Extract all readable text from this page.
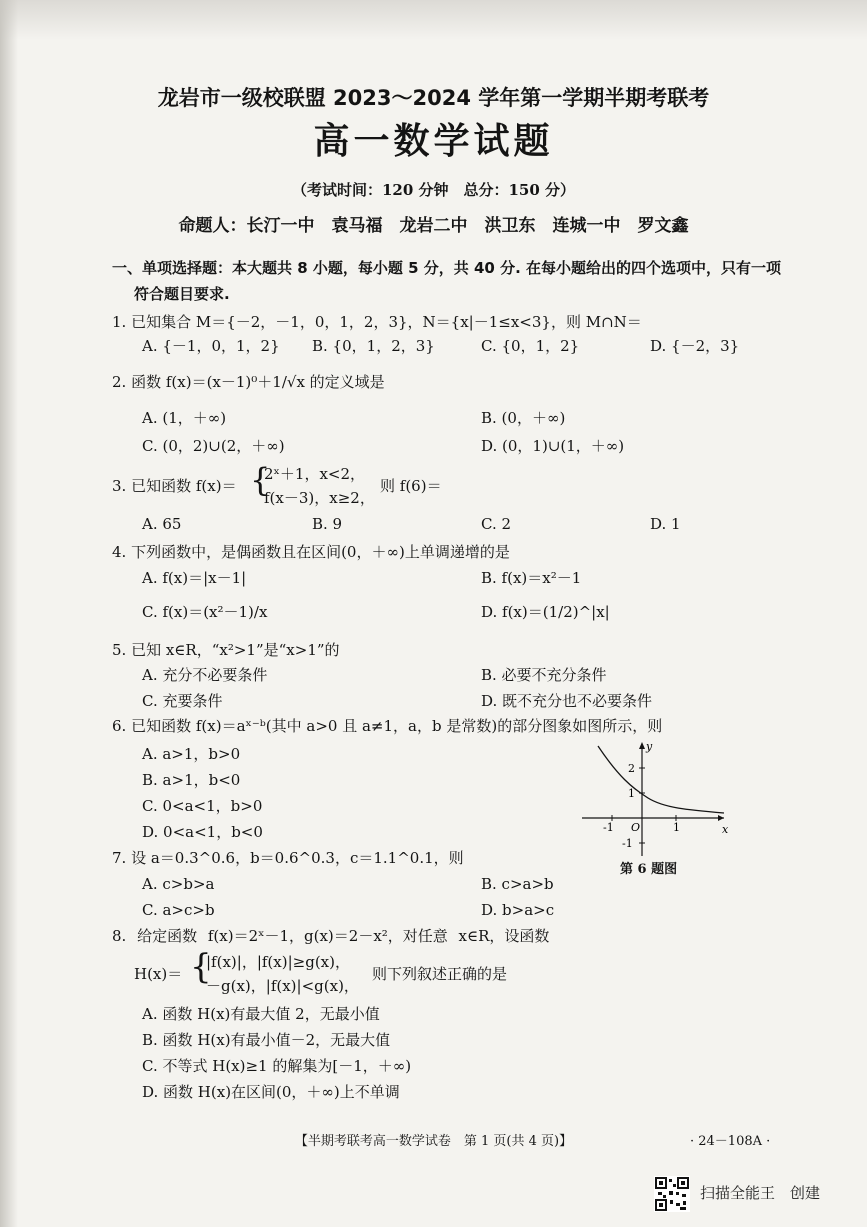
龙岩市一级校联盟 2023～2024 学年第一学期半期考联考
高一数学试题
（考试时间：120 分钟　总分：150 分）
命题人：长汀一中　袁马福　龙岩二中　洪卫东　连城一中　罗文鑫
一、单项选择题：本大题共 8 小题，每小题 5 分，共 40 分. 在每小题给出的四个选项中，只有一项
符合题目要求.
1. 已知集合 M＝{－2，－1，0，1，2，3}，N＝{x|－1≤x<3}，则 M∩N＝
A. {－1，0，1，2} B. {0，1，2，3}	C. {0，1，2}	D. {－2，3}
2. 函数 f(x)＝(x－1)⁰＋1/√x 的定义域是
A. (1，＋∞)	B. (0，＋∞)
C. (0，2)∪(2，＋∞)	D. (0，1)∪(1，＋∞)
3. 已知函数 f(x)＝ {
2ˣ＋1，x<2，
f(x－3)，x≥2，
则 f(6)＝
A. 65	B. 9	C. 2	D. 1
4. 下列函数中，是偶函数且在区间(0，＋∞)上单调递增的是
A. f(x)＝|x－1|	B. f(x)＝x²－1
C. f(x)＝(x²－1)/x	D. f(x)＝(1/2)^|x|
5. 已知 x∈R，“x²>1”是“x>1”的
A. 充分不必要条件	B. 必要不充分条件
C. 充要条件	D. 既不充分也不必要条件
6. 已知函数 f(x)＝aˣ⁻ᵇ(其中 a>0 且 a≠1，a，b 是常数)的部分图象如图所示，则
A. a>1，b>0
B. a>1，b<0
C. 0<a<1，b>0
D. 0<a<1，b<0	x
y
2
1
O
-1	1
-1
第 6 题图
7. 设 a＝0.3^0.6，b＝0.6^0.3，c＝1.1^0.1，则
A. c>b>a	B. c>a>b
C. a>c>b	D. b>a>c
8. 给定函数 f(x)＝2ˣ－1，g(x)＝2－x²，对任意 x∈R，设函数
H(x)＝ {
|f(x)|，|f(x)|≥g(x)，
－g(x)，|f(x)|<g(x)，
则下列叙述正确的是
A. 函数 H(x)有最大值 2，无最小值
B. 函数 H(x)有最小值－2，无最大值
C. 不等式 H(x)≥1 的解集为[－1，＋∞)
D. 函数 H(x)在区间(0，＋∞)上不单调
【半期考联考高一数学试卷　第 1 页(共 4 页)】	· 24－108A ·
扫描全能王　创建
